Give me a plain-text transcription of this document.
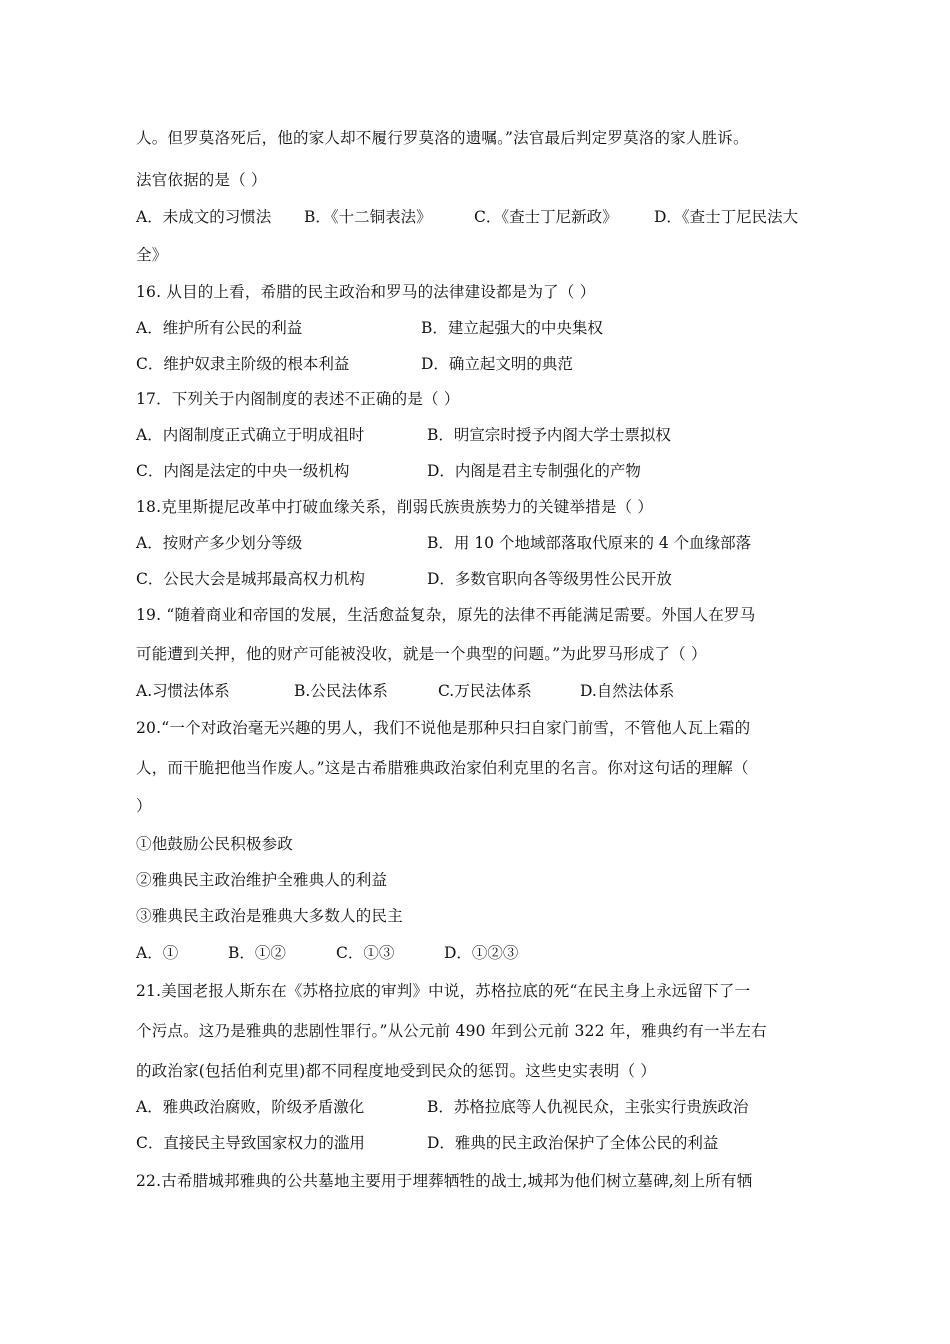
人。但罗莫洛死后，他的家人却不履行罗莫洛的遗嘱。”法官最后判定罗莫洛的家人胜诉。
法官依据的是（ ）
A．未成文的习惯法 B．《十二铜表法》	C．《查士丁尼新政》 D．《查士丁尼民法大
全》
16. 从目的上看，希腊的民主政治和罗马的法律建设都是为了（ ）
A．维护所有公民的利益	B．建立起强大的中央集权
C．维护奴隶主阶级的根本利益	D．确立起文明的典范
17．下列关于内阁制度的表述不正确的是（ ）
A．内阁制度正式确立于明成祖时	B．明宣宗时授予内阁大学士票拟权
C．内阁是法定的中央一级机构	D．内阁是君主专制强化的产物
18.克里斯提尼改革中打破血缘关系，削弱氏族贵族势力的关键举措是（ ）
A．按财产多少划分等级	B．用 10 个地域部落取代原来的 4 个血缘部落
C．公民大会是城邦最高权力机构	D．多数官职向各等级男性公民开放
19. “随着商业和帝国的发展，生活愈益复杂，原先的法律不再能满足需要。外国人在罗马
可能遭到关押，他的财产可能被没收，就是一个典型的问题。”为此罗马形成了（ ）
A.习惯法体系	B.公民法体系	C.万民法体系	D.自然法体系
20.“一个对政治毫无兴趣的男人，我们不说他是那种只扫自家门前雪，不管他人瓦上霜的
人，而干脆把他当作废人。”这是古希腊雅典政治家伯利克里的名言。你对这句话的理解（
）
①他鼓励公民积极参政
②雅典民主政治维护全雅典人的利益
③雅典民主政治是雅典大多数人的民主
A．①	B．①②	C．①③	D．①②③
21.美国老报人斯东在《苏格拉底的审判》中说，苏格拉底的死“在民主身上永远留下了一
个污点。这乃是雅典的悲剧性罪行。”从公元前 490 年到公元前 322 年，雅典约有一半左右
的政治家(包括伯利克里)都不同程度地受到民众的惩罚。这些史实表明（ ）
A．雅典政治腐败，阶级矛盾激化	B．苏格拉底等人仇视民众，主张实行贵族政治
C．直接民主导致国家权力的滥用	D．雅典的民主政治保护了全体公民的利益
22.古希腊城邦雅典的公共墓地主要用于埋葬牺牲的战士,城邦为他们树立墓碑,刻上所有牺
